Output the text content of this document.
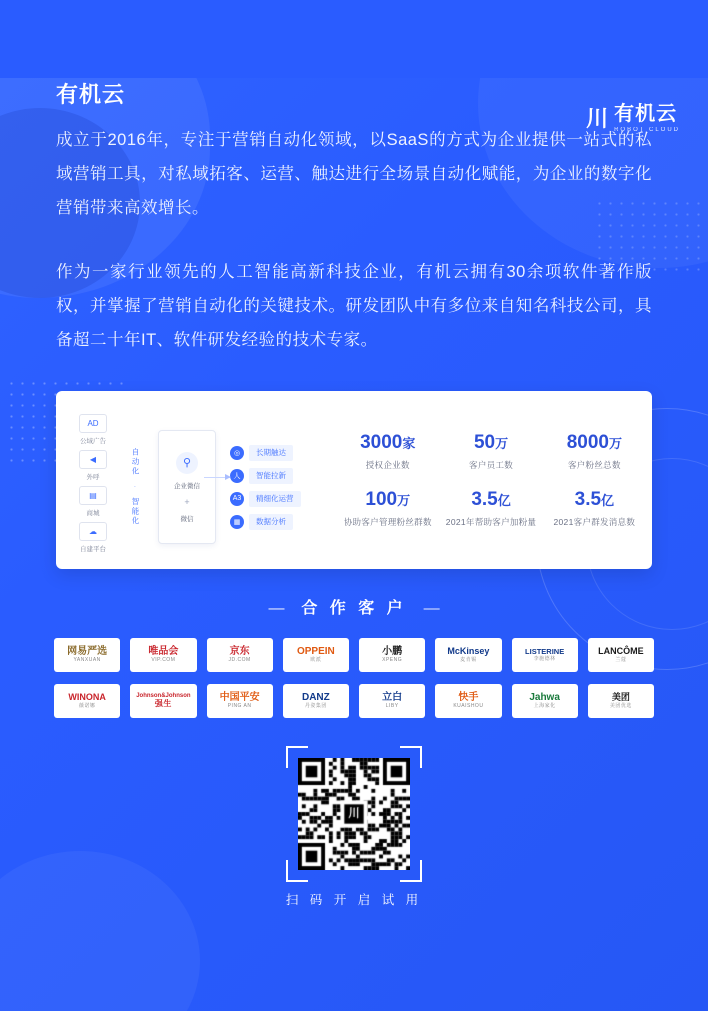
川 有机云
ROBOT CLOUD
有机云

成立于2016年，专注于营销自动化领域，以SaaS的方式为企业提供一站式的私域营销工具，对私域拓客、运营、触达进行全场景自动化赋能，为企业的数字化营销带来高效增长。

作为一家行业领先的人工智能高新科技企业，有机云拥有30余项软件著作版权，并掌握了营销自动化的关键技术。研发团队中有多位来自知名科技公司，具备超二十年IT、软件研发经验的技术专家。

AD
公域广告
◀
外呼
▤
商城
☁
自建平台
自动化  ·  智能化
⚲
企业微信
+
微信
◎	长期触达
人	智能拉新
A3	精细化运营
▦	数据分析
3000家
授权企业数
50万
客户员工数
8000万
客户粉丝总数
100万
协助客户管理粉丝群数
3.5亿
2021年帮助客户加粉量
3.5亿
2021客户群发消息数
— 合 作 客 户 —
网易严选
YANXUAN
唯品会
VIP.COM
京东
JD.COM
OPPEIN
欧派
小鹏
XPENG
McKinsey
麦肯锡
LISTERINE
李施德林
LANCÔME
兰蔻
WINONA
薇诺娜
Johnson&Johnson
强生
中国平安
PING AN
DANZ
丹姿集团
立白
LIBY
快手
KUAISHOU
Jahwa
上海家化
美团
美团优选
扫 码 开 启 试 用
